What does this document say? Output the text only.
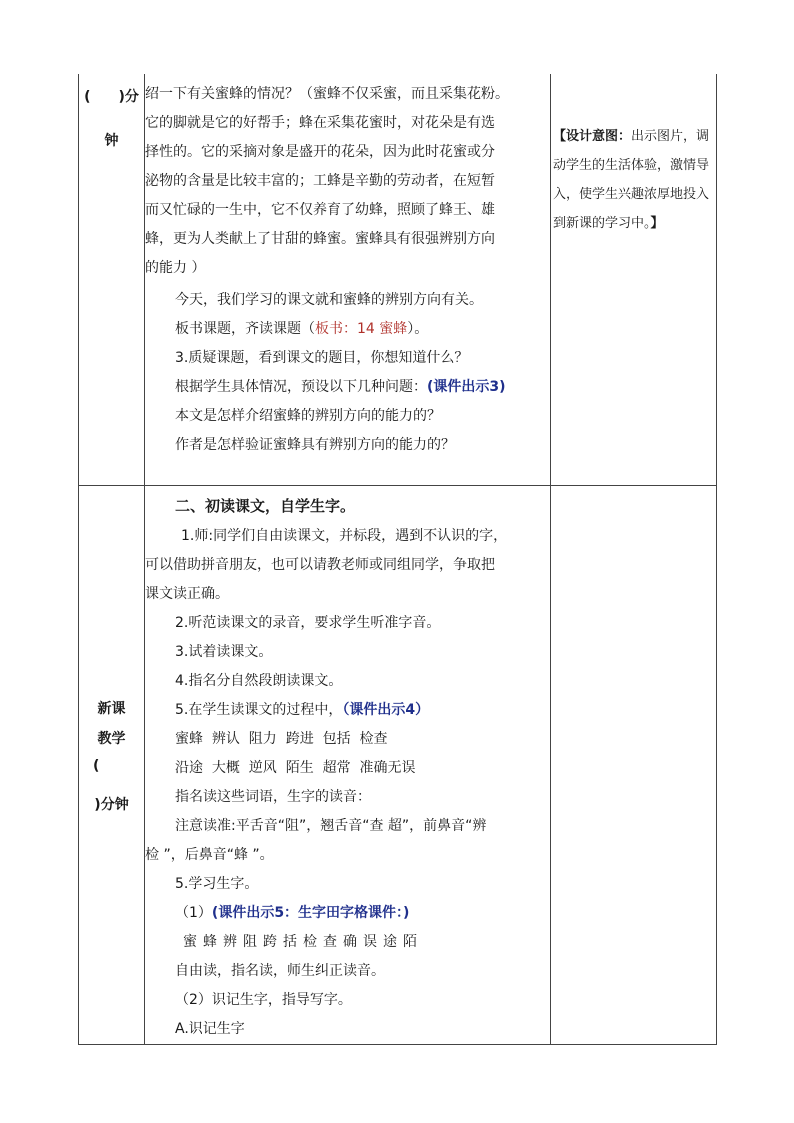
(　　)分
钟
绍一下有关蜜蜂的情况？（蜜蜂不仅采蜜，而且采集花粉。
它的脚就是它的好帮手；蜂在采集花蜜时，对花朵是有选
择性的。它的采摘对象是盛开的花朵，因为此时花蜜或分
泌物的含量是比较丰富的；工蜂是辛勤的劳动者，在短暂
而又忙碌的一生中，它不仅养育了幼蜂，照顾了蜂王、雄
蜂，更为人类献上了甘甜的蜂蜜。蜜蜂具有很强辨别方向
的能力 ）
今天，我们学习的课文就和蜜蜂的辨别方向有关。
板书课题，齐读课题（板书：14 蜜蜂）。
3.质疑课题，看到课文的题目，你想知道什么？
根据学生具体情况，预设以下几种问题：(课件出示3)
本文是怎样介绍蜜蜂的辨别方向的能力的？
作者是怎样验证蜜蜂具有辨别方向的能力的？
【设计意图：出示图片，调动学生的生活体验，激情导入，使学生兴趣浓厚地投入到新课的学习中。】
新课
教学
(
)分钟
二、初读课文，自学生字。
1.师:同学们自由读课文，并标段，遇到不认识的字，
可以借助拼音朋友，也可以请教老师或同组同学，争取把
课文读正确。
2.听范读课文的录音，要求学生听准字音。
3.试着读课文。
4.指名分自然段朗读课文。
5.在学生读课文的过程中，（课件出示4）
蜜蜂  辨认  阻力  跨进  包括  检查
沿途  大概  逆风  陌生  超常  准确无误
指名读这些词语，生字的读音：
注意读准:平舌音“阻”，翘舌音“查 超”，前鼻音“辨
检 ”，后鼻音“蜂 ”。
5.学习生字。
（1）(课件出示5：生字田字格课件：)
蜜蜂辨阻跨括检查确误途陌
自由读，指名读，师生纠正读音。
（2）识记生字，指导写字。
A.识记生字
